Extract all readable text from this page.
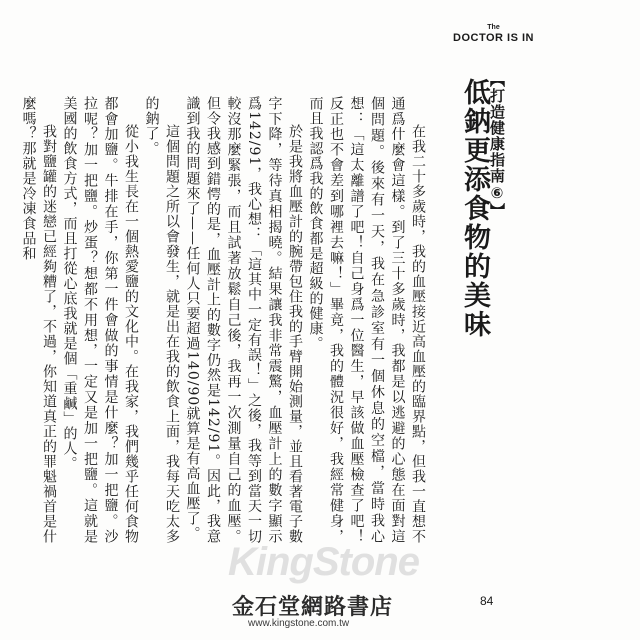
The
DOCTOR IS IN
【打造健康指南⑥】
低鈉更添食物的美味

在我二十多歲時，我的血壓接近高血壓的臨界點，但我一直想不通爲什麼會這樣。到了三十多歲時，我都是以逃避的心態在面對這個問題。後來有一天，我在急診室有一個休息的空檔，當時我心想：「這太離譜了吧！自己身爲一位醫生，早該做血壓檢查了吧！反正也不會差到哪裡去嘛！」畢竟，我的體況很好，我經常健身，而且我認爲我的飲食都是超級的健康。

於是我將血壓計的腕帶包住我的手臂開始測量，並且看著電子數字下降，等待真相揭曉。結果讓我非常震驚，血壓計上的數字顯示爲142/91，我心想：「這其中一定有誤！」之後，我等到當天一切較沒那麼緊張，而且試著放鬆自己後，我再一次測量自己的血壓。但令我感到錯愕的是，血壓計上的數字仍然是142/91。因此，我意識到我的問題來了——任何人只要超過140/90就算是有高血壓了。

這個問題之所以會發生，就是出在我的飲食上面，我每天吃太多的鈉了。

從小我生長在一個熱愛鹽的文化中。在我家，我們幾乎任何食物都會加鹽。牛排在手，你第一件會做的事情是什麼？加一把鹽。沙拉呢？加一把鹽。炒蛋？想都不用想，一定又是加一把鹽。這就是美國的飲食方式，而且打從心底我就是個「重鹹」的人。

我對鹽罐的迷戀已經夠糟了，不過，你知道真正的罪魁禍首是什麼嗎？那就是冷凍食品和

84
KingStone
金石堂網路書店
www.kingstone.com.tw
